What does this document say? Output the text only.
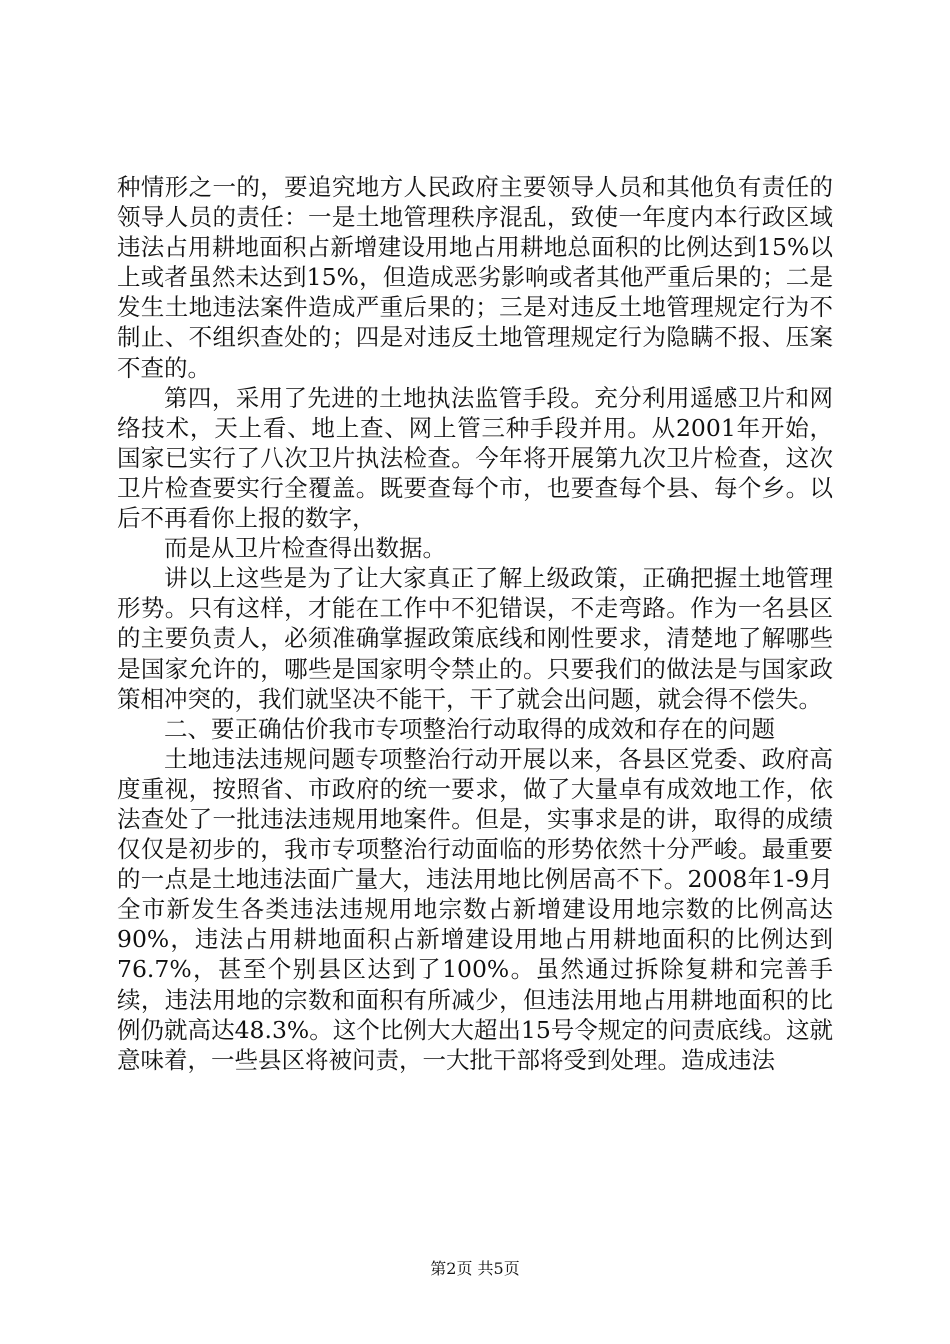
种情形之一的，要追究地方人民政府主要领导人员和其他负有责任的领导人员的责任：一是土地管理秩序混乱，致使一年度内本行政区域违法占用耕地面积占新增建设用地占用耕地总面积的比例达到15%以上或者虽然未达到15%，但造成恶劣影响或者其他严重后果的；二是发生土地违法案件造成严重后果的；三是对违反土地管理规定行为不制止、不组织查处的；四是对违反土地管理规定行为隐瞒不报、压案不查的。

第四，采用了先进的土地执法监管手段。充分利用遥感卫片和网络技术，天上看、地上查、网上管三种手段并用。从2001年开始，国家已实行了八次卫片执法检查。今年将开展第九次卫片检查，这次卫片检查要实行全覆盖。既要查每个市，也要查每个县、每个乡。以后不再看你上报的数字，

而是从卫片检查得出数据。

讲以上这些是为了让大家真正了解上级政策，正确把握土地管理形势。只有这样，才能在工作中不犯错误，不走弯路。作为一名县区的主要负责人，必须准确掌握政策底线和刚性要求，清楚地了解哪些是国家允许的，哪些是国家明令禁止的。只要我们的做法是与国家政策相冲突的，我们就坚决不能干，干了就会出问题，就会得不偿失。

二、要正确估价我市专项整治行动取得的成效和存在的问题

土地违法违规问题专项整治行动开展以来，各县区党委、政府高度重视，按照省、市政府的统一要求，做了大量卓有成效地工作，依法查处了一批违法违规用地案件。但是，实事求是的讲，取得的成绩仅仅是初步的，我市专项整治行动面临的形势依然十分严峻。最重要的一点是土地违法面广量大，违法用地比例居高不下。2008年1-9月全市新发生各类违法违规用地宗数占新增建设用地宗数的比例高达90%，违法占用耕地面积占新增建设用地占用耕地面积的比例达到76.7%，甚至个别县区达到了100%。虽然通过拆除复耕和完善手续，违法用地的宗数和面积有所减少，但违法用地占用耕地面积的比例仍就高达48.3%。这个比例大大超出15号令规定的问责底线。这就意味着，一些县区将被问责，一大批干部将受到处理。造成违法

第2页 共5页
